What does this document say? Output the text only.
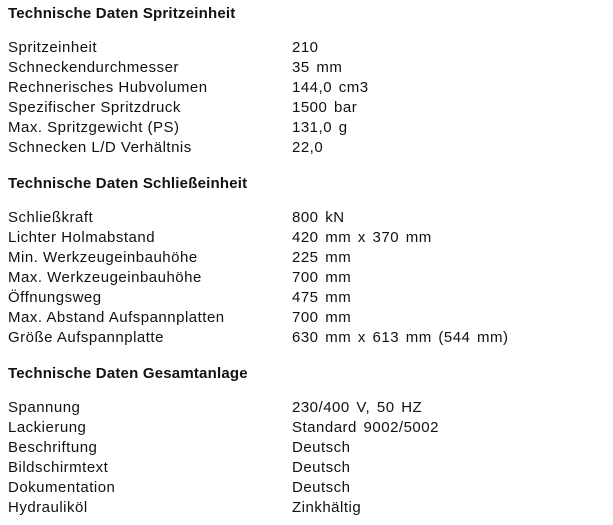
Technische Daten Spritzeinheit
Spritzeinheit	210
Schneckendurchmesser	35 mm
Rechnerisches Hubvolumen	144,0 cm3
Spezifischer Spritzdruck	1500 bar
Max. Spritzgewicht (PS)	131,0 g
Schnecken L/D Verhältnis	22,0
Technische Daten Schließeinheit
Schließkraft	800 kN
Lichter Holmabstand	420 mm x 370 mm
Min. Werkzeugeinbauhöhe	225 mm
Max. Werkzeugeinbauhöhe	700 mm
Öffnungsweg	475 mm
Max. Abstand Aufspannplatten	700 mm
Größe Aufspannplatte	630 mm x 613 mm (544 mm)
Technische Daten Gesamtanlage
Spannung	230/400 V, 50 HZ
Lackierung	Standard 9002/5002
Beschriftung	Deutsch
Bildschirmtext	Deutsch
Dokumentation	Deutsch
Hydrauliköl	Zinkhältig
